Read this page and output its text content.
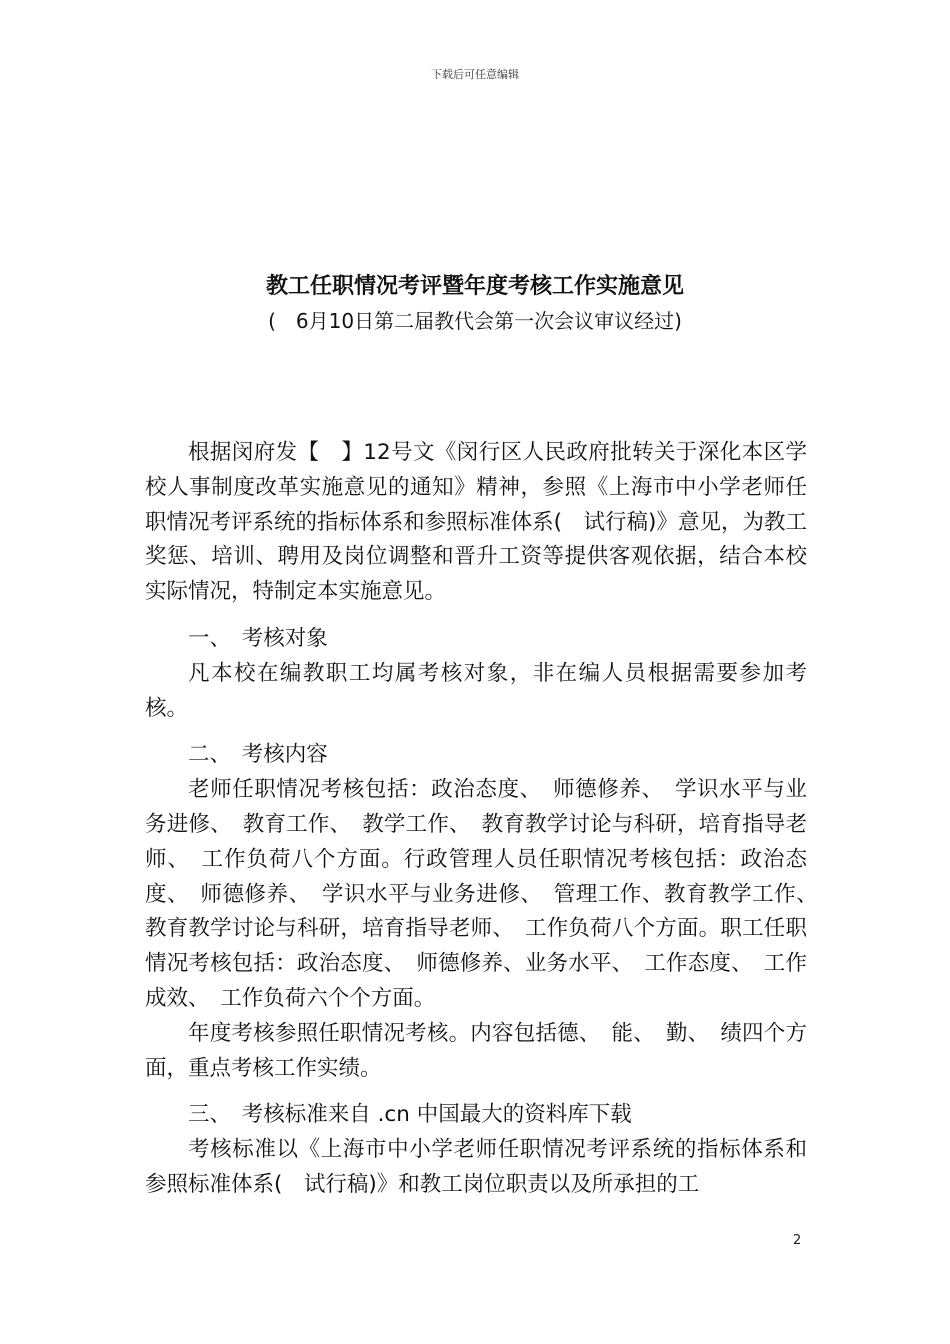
下载后可任意编辑
教工任职情况考评暨年度考核工作实施意见
(　6月10日第二届教代会第一次会议审议经过)

根据闵府发【　】12号文《闵行区人民政府批转关于深化本区学校人事制度改革实施意见的通知》精神，参照《上海市中小学老师任职情况考评系统的指标体系和参照标准体系(　试行稿)》意见，为教工奖惩、培训、聘用及岗位调整和晋升工资等提供客观依据，结合本校实际情况，特制定本实施意见。

一、　考核对象

凡本校在编教职工均属考核对象，非在编人员根据需要参加考核。

二、　考核内容

老师任职情况考核包括：政治态度、　师德修养、　学识水平与业务进修、　教育工作、　教学工作、　教育教学讨论与科研，培育指导老师、　工作负荷八个方面。行政管理人员任职情况考核包括：政治态度、　师德修养、　学识水平与业务进修、　管理工作、教育教学工作、　教育教学讨论与科研，培育指导老师、　工作负荷八个方面。职工任职情况考核包括：政治态度、　师德修养、业务水平、　工作态度、　工作成效、　工作负荷六个个方面。

年度考核参照任职情况考核。内容包括德、　能、　勤、　绩四个方面，重点考核工作实绩。

三、　考核标准来自 .cn 中国最大的资料库下载

考核标准以《上海市中小学老师任职情况考评系统的指标体系和参照标准体系(　试行稿)》和教工岗位职责以及所承担的工

2
